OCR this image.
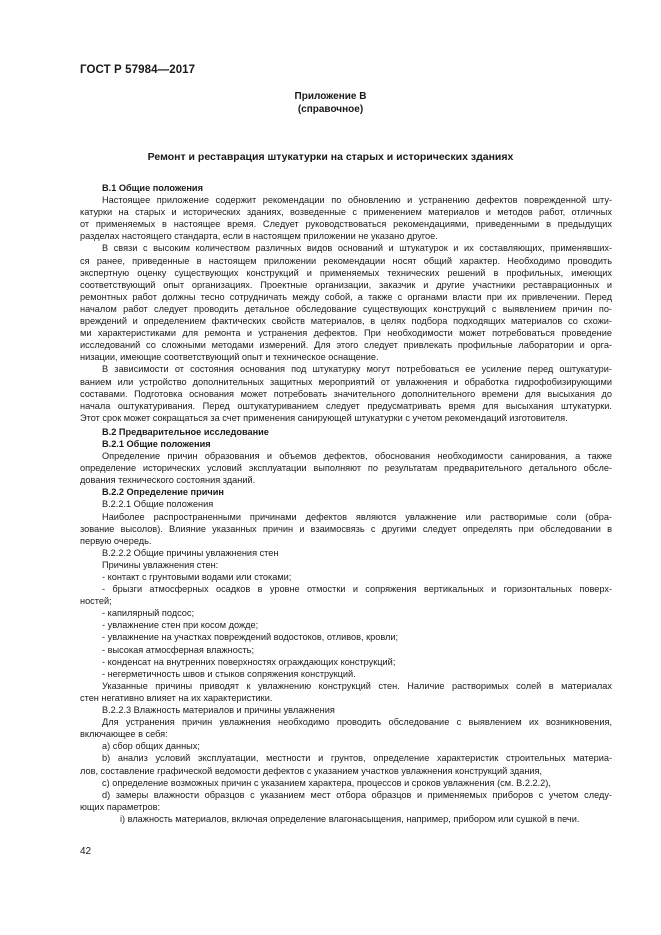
ГОСТ Р 57984—2017
Приложение В
(справочное)
Ремонт и реставрация штукатурки на старых и исторических зданиях

В.1 Общие положения

Настоящее приложение содержит рекомендации по обновлению и устранению дефектов поврежденной шту-

катурки на старых и исторических зданиях, возведенные с применением материалов и методов работ, отличных

от применяемых в настоящее время. Следует руководствоваться рекомендациями, приведенными в предыдущих

разделах настоящего стандарта, если в настоящем приложении не указано другое.

В связи с высоким количеством различных видов оснований и штукатурок и их составляющих, применявших-

ся ранее, приведенные в настоящем приложении рекомендации носят общий характер. Необходимо проводить

экспертную оценку существующих конструкций и применяемых технических решений в профильных, имеющих

соответствующий опыт организациях. Проектные организации, заказчик и другие участники реставрационных и

ремонтных работ должны тесно сотрудничать между собой, а также с органами власти при их привлечении. Перед

началом работ следует проводить детальное обследование существующих конструкций с выявлением причин по-

вреждений и определением фактических свойств материалов, в целях подбора подходящих материалов со схожи-

ми характеристиками для ремонта и устранения дефектов. При необходимости может потребоваться проведение

исследований со сложными методами измерений. Для этого следует привлекать профильные лаборатории и орга-

низации, имеющие соответствующий опыт и техническое оснащение.

В зависимости от состояния основания под штукатурку могут потребоваться ее усиление перед оштукатури-

ванием или устройство дополнительных защитных мероприятий от увлажнения и обработка гидрофобизирующими

составами. Подготовка основания может потребовать значительного дополнительного времени для высыхания до

начала оштукатуривания. Перед оштукатуриванием следует предусматривать время для высыхания штукатурки.

Этот срок может сокращаться за счет применения санирующей штукатурки с учетом рекомендаций изготовителя.

В.2 Предварительное исследование

В.2.1 Общие положения

Определение причин образования и объемов дефектов, обоснования необходимости санирования, а также

определение исторических условий эксплуатации выполняют по результатам предварительного детального обсле-

дования технического состояния зданий.

В.2.2 Определение причин

В.2.2.1 Общие положения

Наиболее распространенными причинами дефектов являются увлажнение или растворимые соли (обра-

зование высолов). Влияние указанных причин и взаимосвязь с другими следует определять при обследовании в

первую очередь.

В.2.2.2 Общие причины увлажнения стен

Причины увлажнения стен:

- контакт с грунтовыми водами или стоками;

- брызги атмосферных осадков в уровне отмостки и сопряжения вертикальных и горизонтальных поверх-

ностей;

- капилярный подсос;

- увлажнение стен при косом дожде;

- увлажнение на участках повреждений водостоков, отливов, кровли;

- высокая атмосферная влажность;

- конденсат на внутренних поверхностях ограждающих конструкций;

- негерметичность швов и стыков сопряжения конструкций.

Указанные причины приводят к увлажнению конструкций стен. Наличие растворимых солей в материалах

стен негативно влияет на их характеристики.

В.2.2.3 Влажность материалов и причины увлажнения

Для устранения причин увлажнения необходимо проводить обследование с выявлением их возникновения,

включающее в себя:

а) сбор общих данных;

b) анализ условий эксплуатации, местности и грунтов, определение характеристик строительных материа-

лов, составление графической ведомости дефектов с указанием участков увлажнения конструкций здания,

с) определение возможных причин с указанием характера, процессов и сроков увлажнения (см. В.2.2.2),

d) замеры влажности образцов с указанием мест отбора образцов и применяемых приборов с учетом следу-

ющих параметров:

i) влажность материалов, включая определение влагонасыщения, например, прибором или сушкой в печи.

42
